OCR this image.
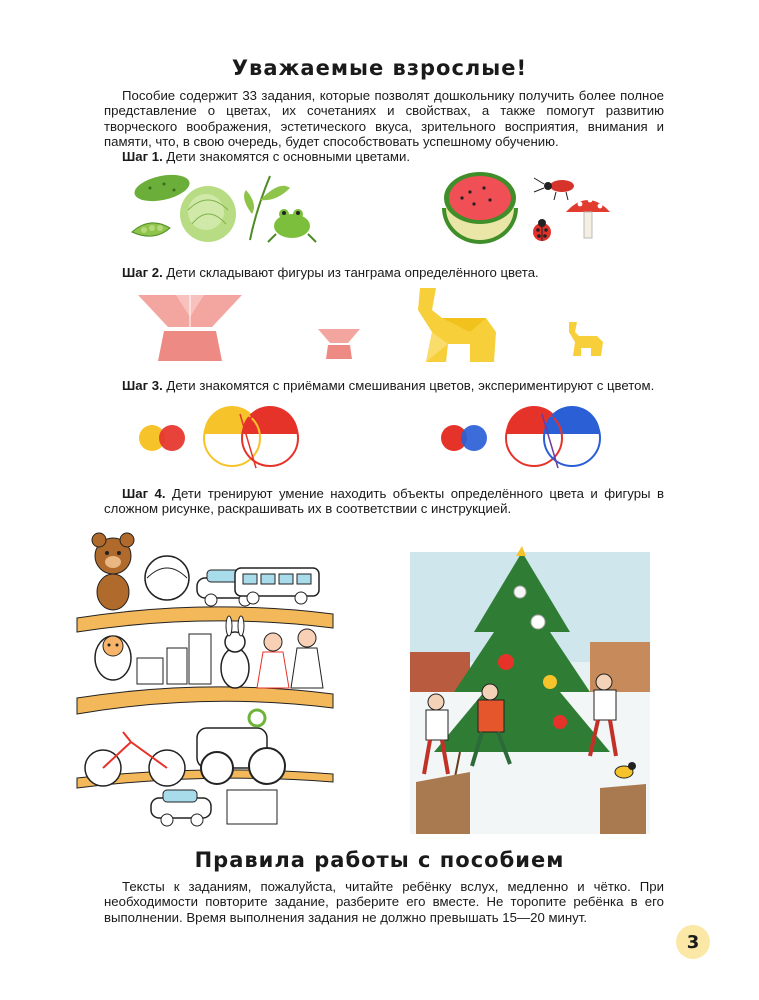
Уважаемые взрослые!

Пособие содержит 33 задания, которые позволят дошкольнику получить более полное представление о цветах, их сочетаниях и свойствах, а также помогут развитию творческого воображения, эстетического вкуса, зрительного восприятия, внимания и памяти, что, в свою очередь, будет способствовать успешному обучению.

Шаг 1. Дети знакомятся с основными цветами.

Шаг 2. Дети складывают фигуры из танграма определённого цвета.

Шаг 3. Дети знакомятся с приёмами смешивания цветов, экспериментируют с цветом.

Шаг 4. Дети тренируют умение находить объекты определённого цвета и фигуры в сложном рисунке, раскрашивать их в соответствии с инструкцией.

Правила работы с пособием

Тексты к заданиям, пожалуйста, читайте ребёнку вслух, медленно и чётко. При необходимости повторите задание, разберите его вместе. Не торопите ребёнка в его выполнении. Время выполнения задания не должно превышать 15—20 минут.

3
